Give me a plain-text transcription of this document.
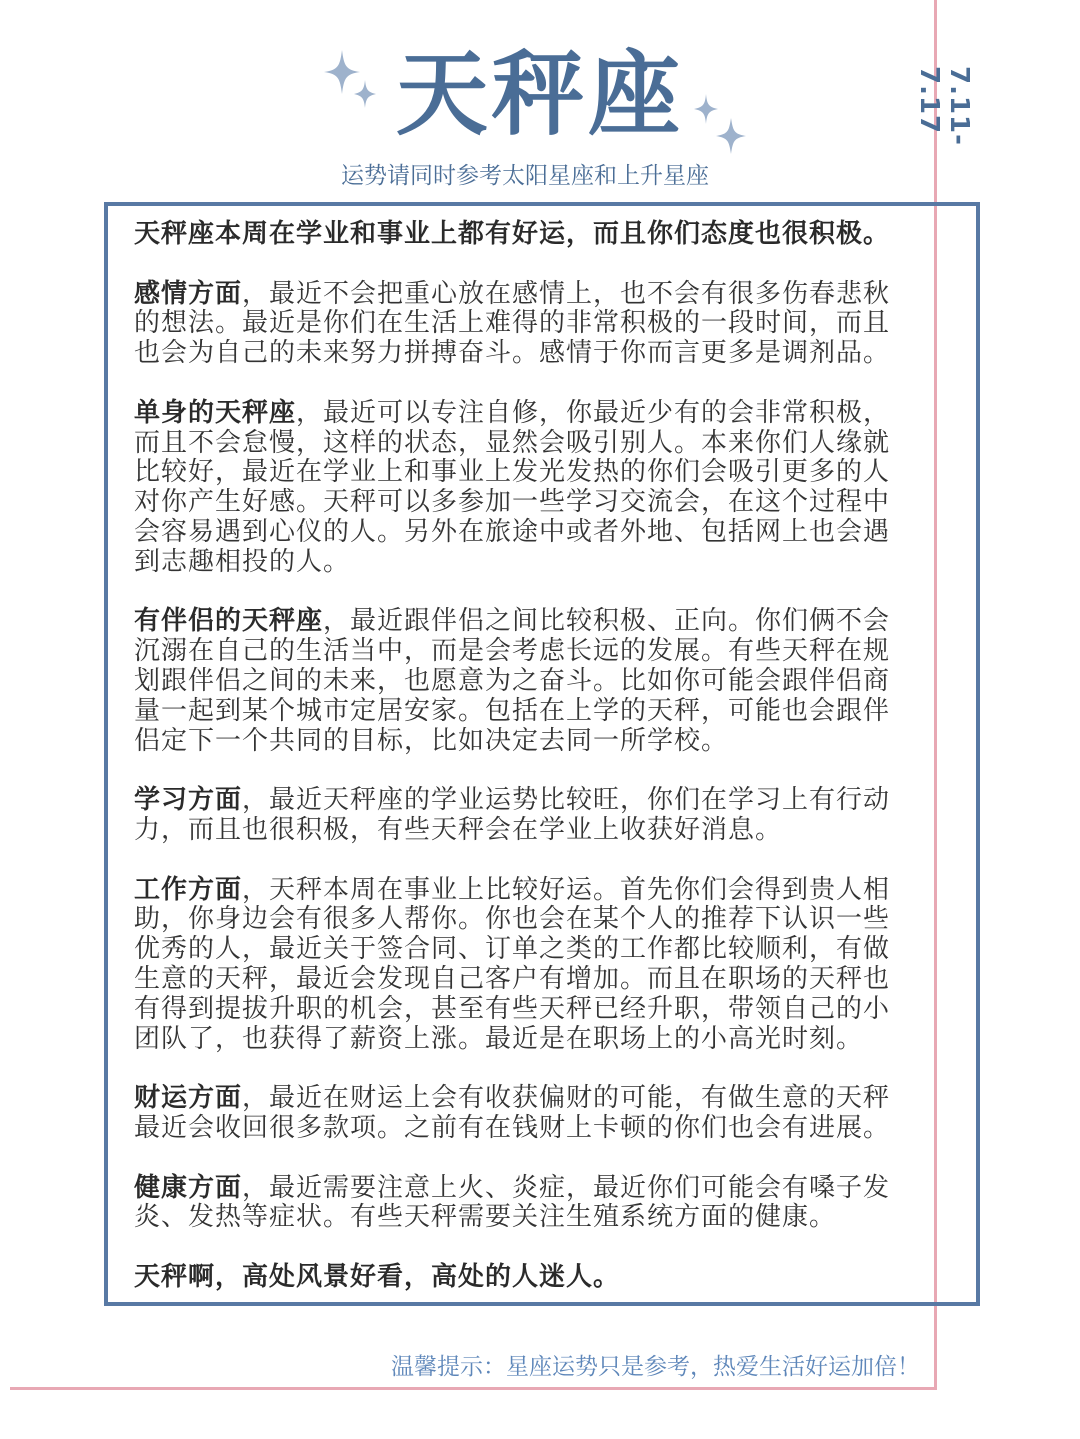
天秤座
运势请同时参考太阳星座和上升星座
7.11-7.17

天秤座本周在学业和事业上都有好运，而且你们态度也很积极。

感情方面，最近不会把重心放在感情上，也不会有很多伤春悲秋的想法。最近是你们在生活上难得的非常积极的一段时间，而且也会为自己的未来努力拼搏奋斗。感情于你而言更多是调剂品。

单身的天秤座，最近可以专注自修，你最近少有的会非常积极，而且不会怠慢，这样的状态，显然会吸引别人。本来你们人缘就比较好，最近在学业上和事业上发光发热的你们会吸引更多的人对你产生好感。天秤可以多参加一些学习交流会，在这个过程中会容易遇到心仪的人。另外在旅途中或者外地、包括网上也会遇到志趣相投的人。

有伴侣的天秤座，最近跟伴侣之间比较积极、正向。你们俩不会沉溺在自己的生活当中，而是会考虑长远的发展。有些天秤在规划跟伴侣之间的未来，也愿意为之奋斗。比如你可能会跟伴侣商量一起到某个城市定居安家。包括在上学的天秤，可能也会跟伴侣定下一个共同的目标，比如决定去同一所学校。

学习方面，最近天秤座的学业运势比较旺，你们在学习上有行动力，而且也很积极，有些天秤会在学业上收获好消息。

工作方面，天秤本周在事业上比较好运。首先你们会得到贵人相助，你身边会有很多人帮你。你也会在某个人的推荐下认识一些优秀的人，最近关于签合同、订单之类的工作都比较顺利，有做生意的天秤，最近会发现自己客户有增加。而且在职场的天秤也有得到提拔升职的机会，甚至有些天秤已经升职，带领自己的小团队了，也获得了薪资上涨。最近是在职场上的小高光时刻。

财运方面，最近在财运上会有收获偏财的可能，有做生意的天秤最近会收回很多款项。之前有在钱财上卡顿的你们也会有进展。

健康方面，最近需要注意上火、炎症，最近你们可能会有嗓子发炎、发热等症状。有些天秤需要关注生殖系统方面的健康。

天秤啊，高处风景好看，高处的人迷人。

温馨提示：星座运势只是参考，热爱生活好运加倍！
